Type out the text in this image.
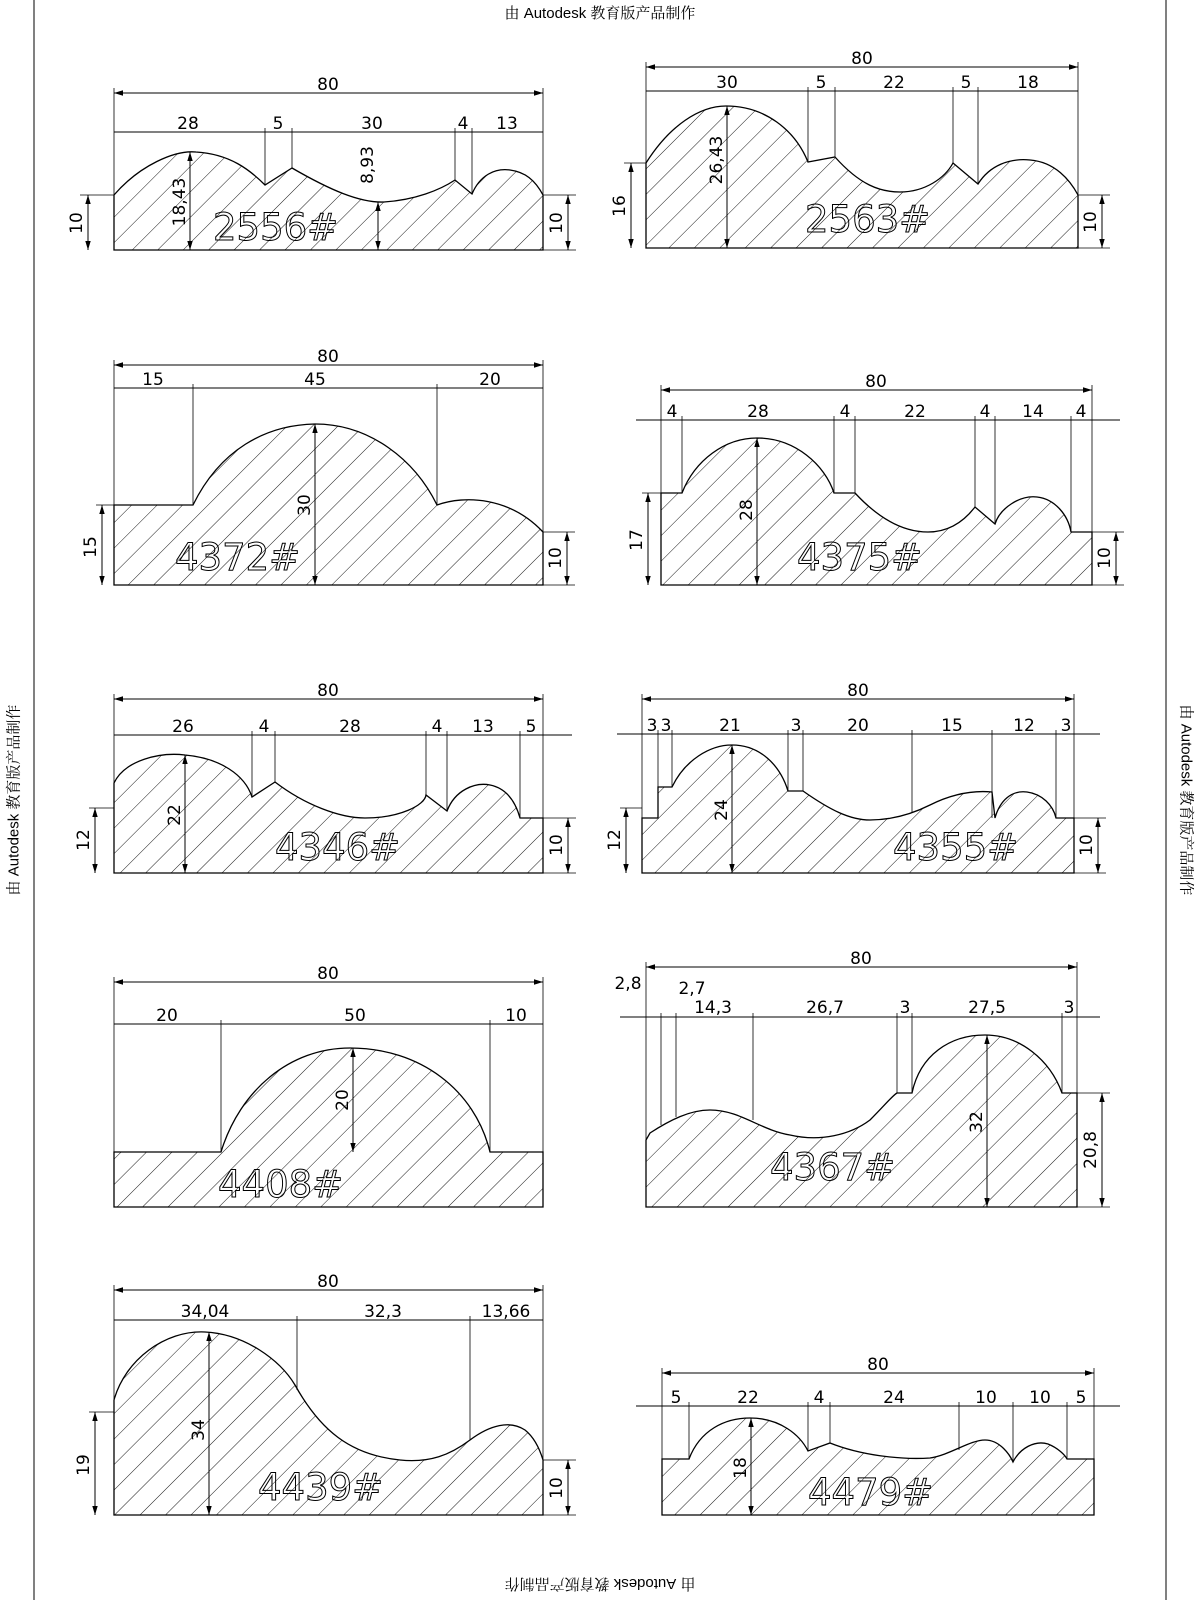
由 Autodesk 教育版产品制作
由 Autodesk 教育版产品制作
由 Autodesk 教育版产品制作	由 Autodesk 教育版产品制作
80
28	5	30	4 13
10	18,43
8,93
10
2556#
80
30	5	22	5	18
16
26,43
10
2563#
80
15	45	20
15
30
10
4372#
80
4	28	4	22	4 14 4
17
28
10
4375#
80
26	4	28	4 13 5
12
22
10
4346#
80
3 3	21	3	20	15	12 3
12
24
10
4355#
80
20	50	10
20
4408#
80
2,8 2,7
14,3	26,7	3	27,5	3
32
20,8
4367#
80
34,04	32,3	13,66
19
34
10
4439#
80
5	22	4	24	10 10 5
18
4479#
